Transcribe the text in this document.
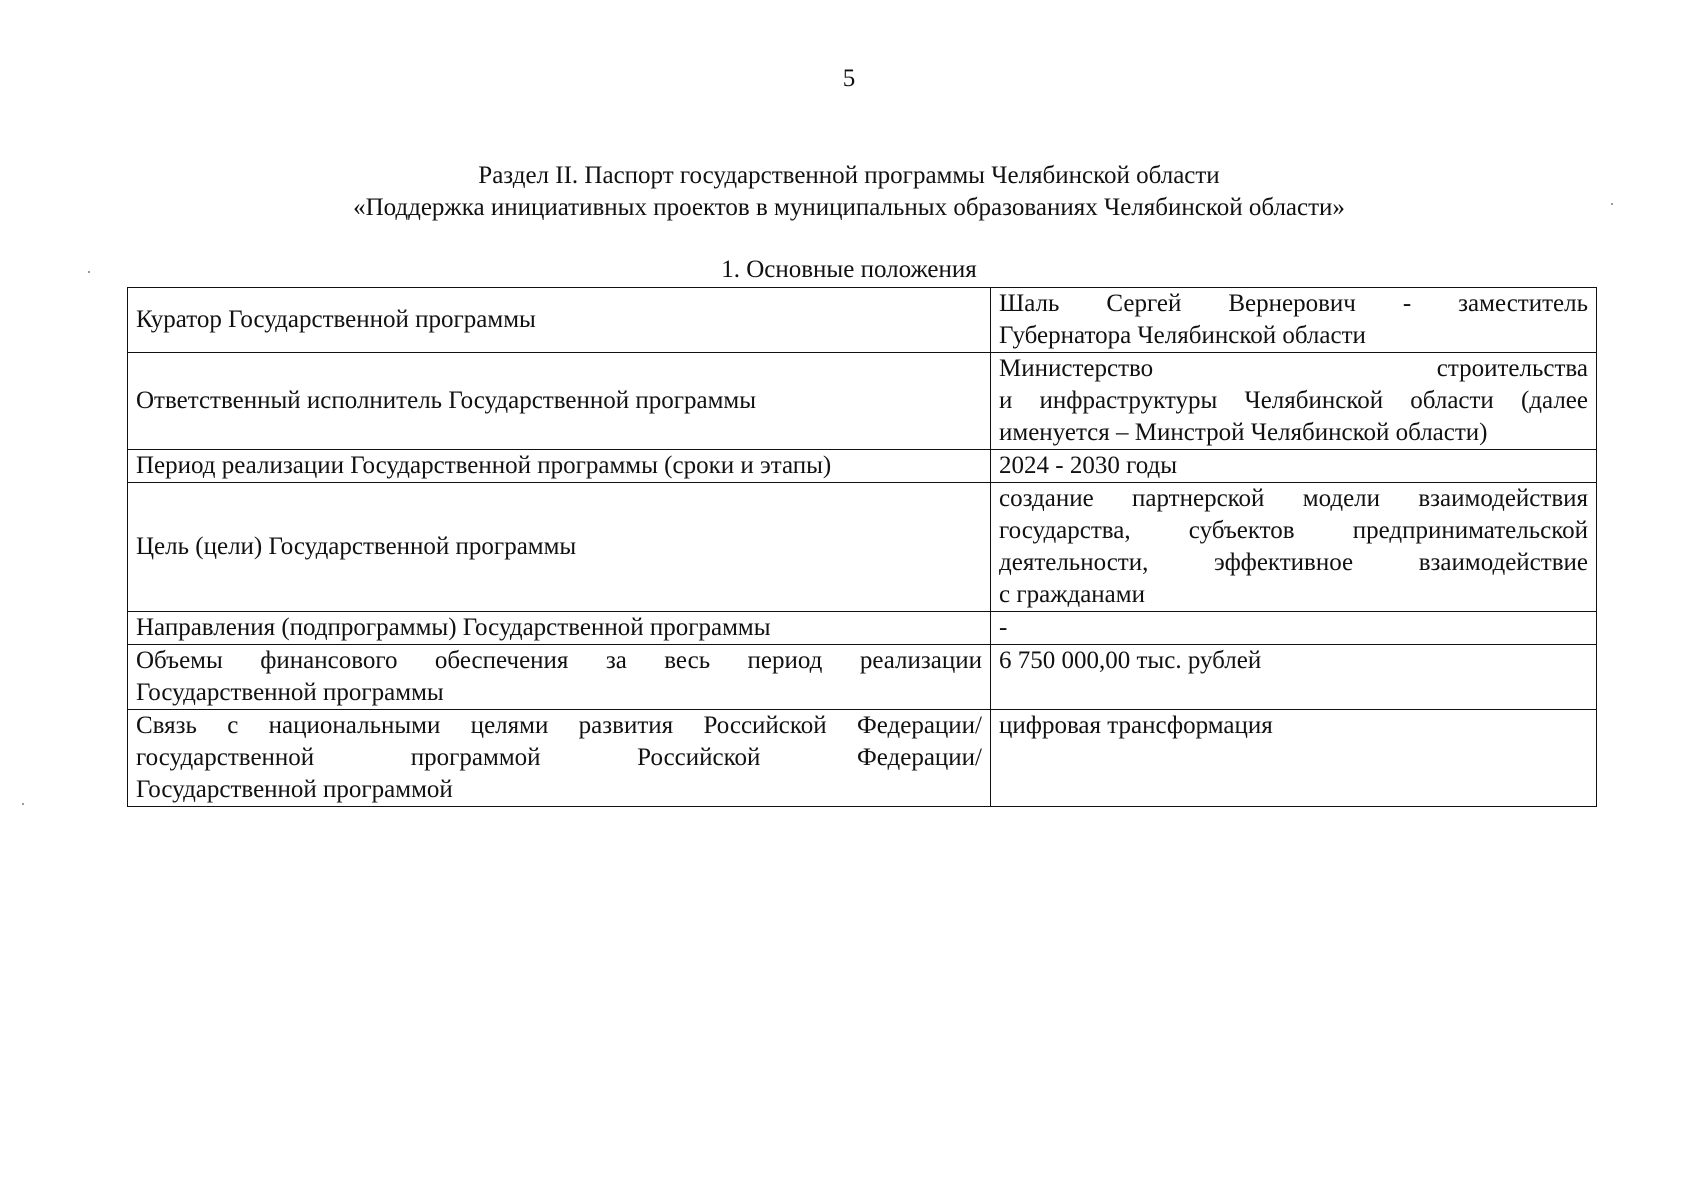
5
Раздел II. Паспорт государственной программы Челябинской области
«Поддержка инициативных проектов в муниципальных образованиях Челябинской области»
1. Основные положения
Куратор Государственной программы	Шаль Сергей Вернерович - заместитель
Губернатора Челябинской области

Ответственный исполнитель Государственной программы	Министерство строительства
и инфраструктуры Челябинской области (далее
именуется – Минстрой Челябинской области)

Период реализации Государственной программы (сроки и этапы)	2024 - 2030 годы

Цель (цели) Государственной программы	создание партнерской модели взаимодействия
государства, субъектов предпринимательской
деятельности, эффективное взаимодействие
с гражданами

Направления (подпрограммы) Государственной программы	-

Объемы финансового обеспечения за весь период реализации
Государственной программы	6 750 000,00 тыс. рублей

Связь с национальными целями развития Российской Федерации/
государственной программой Российской Федерации/
Государственной программой	цифровая трансформация
